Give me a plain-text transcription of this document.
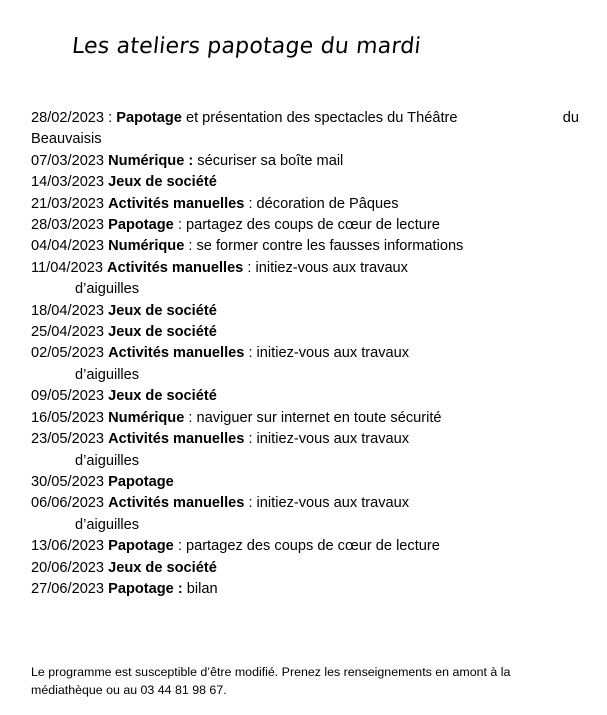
Les ateliers papotage du mardi
28/02/2023 : Papotage et présentation des spectacles du Théâtre	du
Beauvaisis
07/03/2023 Numérique : sécuriser sa boîte mail
14/03/2023 Jeux de société
21/03/2023 Activités manuelles : décoration de Pâques
28/03/2023 Papotage : partagez des coups de cœur de lecture
04/04/2023 Numérique : se former contre les fausses informations
11/04/2023 Activités manuelles : initiez-vous aux travaux
d’aiguilles
18/04/2023 Jeux de société
25/04/2023 Jeux de société
02/05/2023 Activités manuelles : initiez-vous aux travaux
d’aiguilles
09/05/2023 Jeux de société
16/05/2023 Numérique : naviguer sur internet en toute sécurité
23/05/2023 Activités manuelles : initiez-vous aux travaux
d’aiguilles
30/05/2023 Papotage
06/06/2023 Activités manuelles : initiez-vous aux travaux
d’aiguilles
13/06/2023 Papotage : partagez des coups de cœur de lecture
20/06/2023 Jeux de société
27/06/2023 Papotage : bilan
Le programme est susceptible d’être modifié. Prenez les renseignements en amont à la médiathèque ou au 03 44 81 98 67.
